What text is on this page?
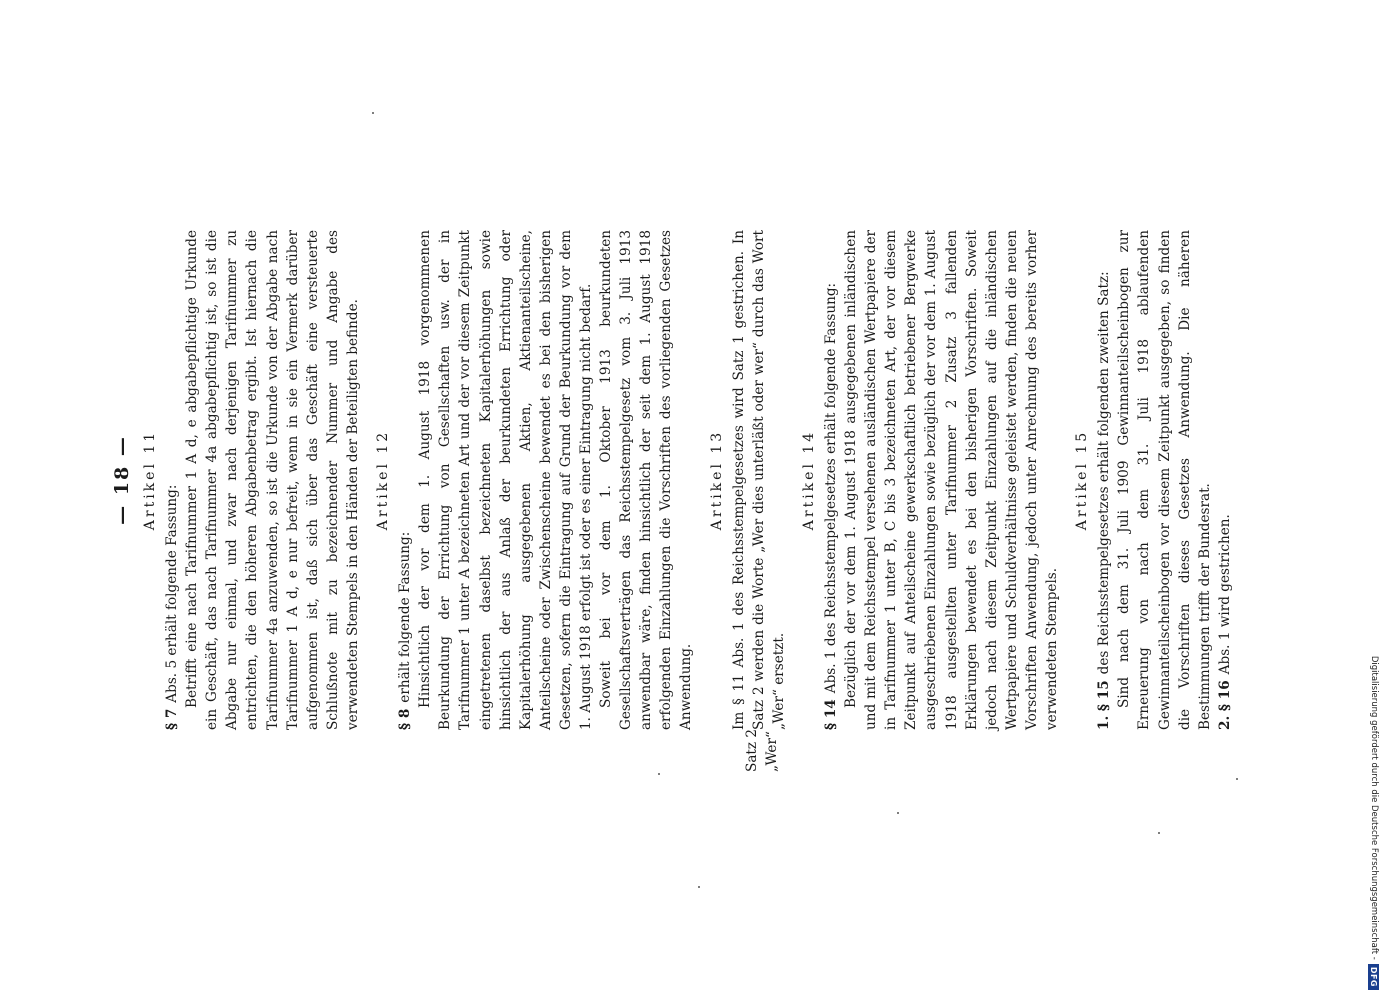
— 18 — Artikel 11

§ 7Abs. 5 erhält folgende Fassung: Betrifft eine nach Tarifnummer 1 A d, e abgabepflichtige Urkunde ein Geschäft, das nach Tarifnummer 4a abgabepflichtig ist, so ist die Abgabe nur einmal, und zwar nach derjenigen Tarifnummer zu entrichten, die den höheren Abgabenbetrag ergibt. Ist hiernach die Tarifnummer 4a anzuwenden, so ist die Urkunde von der Abgabe nach Tarifnummer 1 A d, e nur befreit, wenn in sie ein Vermerk darüber aufgenommen ist, daß sich über das Geschäft eine versteuerte Schlußnote mit zu bezeichnender Nummer und Angabe des verwendeten Stempels in den Händen der Beteiligten befinde. Artikel 12

§ 8erhält folgende Fassung: Hinsichtlich der vor dem 1. August 1918 vorgenommenen Beurkundung der Errichtung von Gesellschaften usw. der in Tarifnummer 1 unter A bezeichneten Art und der vor diesem Zeitpunkt eingetretenen daselbst bezeichneten Kapitalerhöhungen sowie hinsichtlich der aus Anlaß der beurkundeten Errichtung oder Kapitalerhöhung ausgegebenen Aktien, Aktienanteilscheine, Anteilscheine oder Zwischenscheine bewendet es bei den bisherigen Gesetzen, sofern die Eintragung auf Grund der Beurkundung vor dem 1. August 1918 erfolgt ist oder es einer Eintragung nicht bedarf. Soweit bei vor dem 1. Oktober 1913 beurkundeten Gesellschaftsverträgen das Reichsstempelgesetz vom 3. Juli 1913 anwendbar wäre, finden hinsichtlich der seit dem 1. August 1918 erfolgenden Einzahlungen die Vorschriften des vorliegenden Gesetzes Anwendung.

Artikel 13 Im § 11 Abs. 1 des Reichsstempelgesetzes wird Satz 1 gestrichen. In Satz 2 werden die Worte „Wer dies unterläßt oder wer“ durch das Wort „Wer“ ersetzt.

Artikel 14

§ 14Abs. 1 des Reichsstempelgesetzes erhält folgende Fassung: Bezüglich der vor dem 1. August 1918 ausgegebenen inländischen und mit dem Reichsstempel versehenen ausländischen Wertpapiere der in Tarifnummer 1 unter B, C bis 3 bezeichneten Art, der vor diesem Zeitpunkt auf Anteilscheine gewerkschaftlich betriebener Bergwerke ausgeschriebenen Einzahlungen sowie bezüglich der vor dem 1. August 1918 ausgestellten unter Tarifnummer 2 Zusatz 3 fallenden Erklärungen bewendet es bei den bisherigen Vorschriften. Soweit jedoch nach diesem Zeitpunkt Einzahlungen auf die inländischen Wertpapiere und Schuldverhältnisse geleistet werden, finden die neuen Vorschriften Anwendung, jedoch unter Anrechnung des bereits vorher verwendeten Stempels.

Artikel 15

1. § 15des Reichsstempelgesetzes erhält folgenden zweiten Satz: Sind nach dem 31. Juli 1909 Gewinnanteilscheinbogen zur Erneuerung von nach dem 31. Juli 1918 ablaufenden Gewinnanteilscheinbogen vor diesem Zeitpunkt ausgegeben, so finden die Vorschriften dieses Gesetzes Anwendung. Die näheren Bestimmungen trifft der Bundesrat. 2. § 16Abs. 1 wird gestrichen.

Satz 2 „Wer“	Digitalisierung gefördert durch die Deutsche Forschungsgemeinschaft -
DFG
